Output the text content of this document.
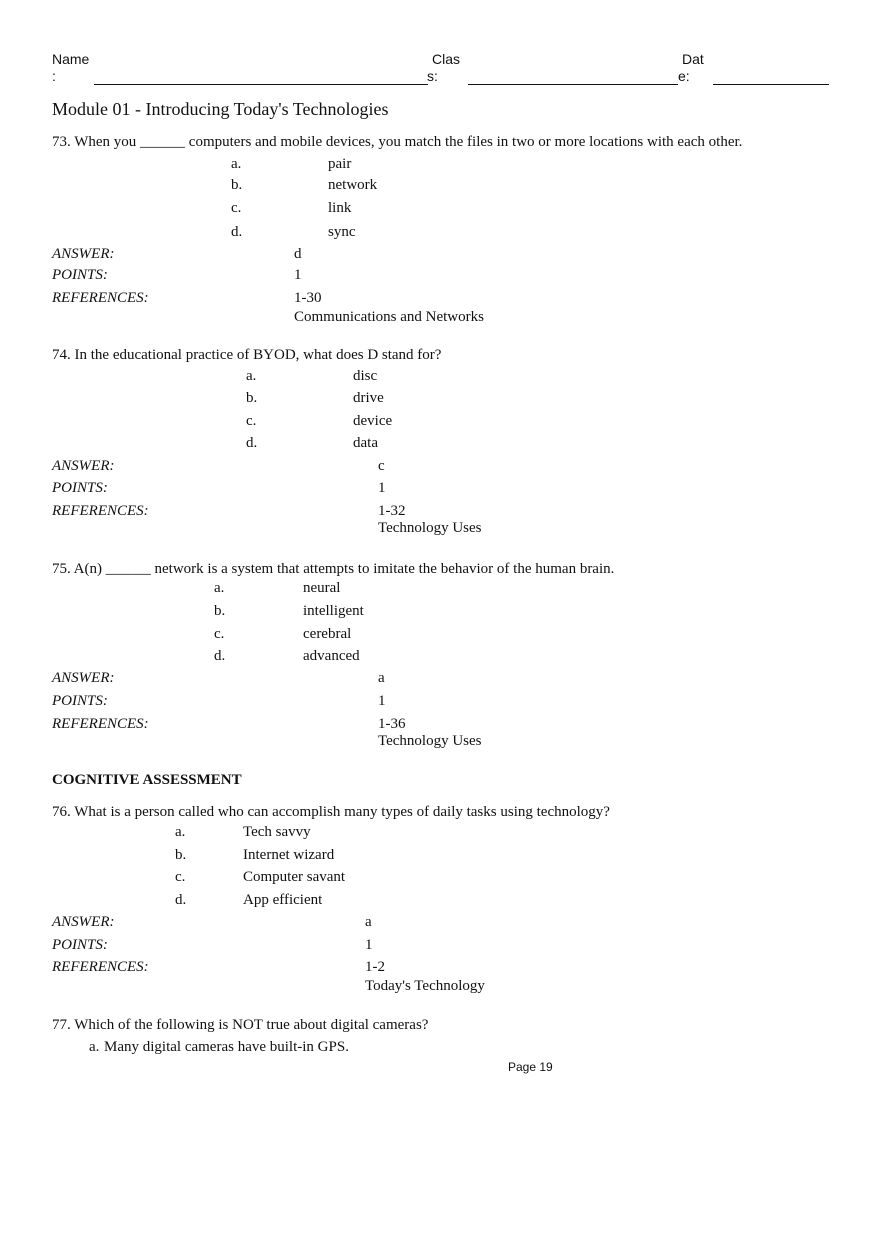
Name
:
Clas
s:
Dat
e:
Module 01 - Introducing Today's Technologies
73. When you ______ computers and mobile devices, you match the files in two or more locations with each other.
a.	pair
b.	network
c.	link
d.	sync
ANSWER:	d
POINTS:	1
REFERENCES:	1-30
Communications and Networks
74. In the educational practice of BYOD, what does D stand for?
a.	disc
b.	drive
c.	device
d.	data
ANSWER:	c
POINTS:	1
REFERENCES:	1-32
Technology Uses
75. A(n) ______ network is a system that attempts to imitate the behavior of the human brain.
a.	neural
b.	intelligent
c.	cerebral
d.	advanced
ANSWER:	a
POINTS:	1
REFERENCES:	1-36
Technology Uses
COGNITIVE ASSESSMENT
76. What is a person called who can accomplish many types of daily tasks using technology?
a.	Tech savvy
b.	Internet wizard
c.	Computer savant
d.	App efficient
ANSWER:	a
POINTS:	1
REFERENCES:	1-2
Today's Technology
77. Which of the following is NOT true about digital cameras?
a. Many digital cameras have built-in GPS.
Page 19
